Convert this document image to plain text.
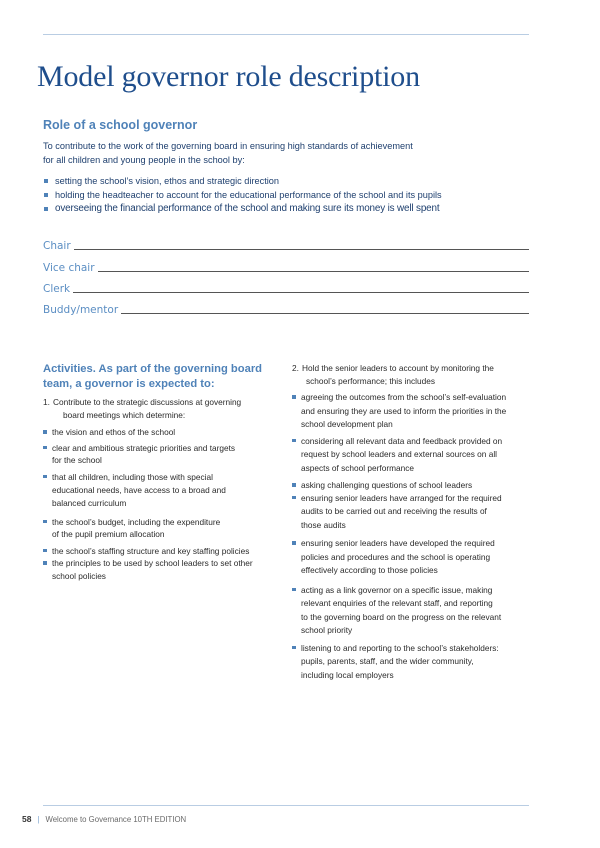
Model governor role description
Role of a school governor

To contribute to the work of the governing board in ensuring high standards of achievement

for all children and young people in the school by:

setting the school’s vision, ethos and strategic direction
holding the headteacher to account for the educational performance of the school and its pupils
overseeing the financial performance of the school and making sure its money is well spent
Chair
Vice chair
Clerk
Buddy/mentor
Activities. As part of the governing board
team, a governor is expected to:
1. Contribute to the strategic discussions at governing
board meetings which determine:
the vision and ethos of the school
clear and ambitious strategic priorities and targets
for the school
that all children, including those with special
educational needs, have access to a broad and
balanced curriculum
the school’s budget, including the expenditure
of the pupil premium allocation
the school’s staffing structure and key staffing policies
the principles to be used by school leaders to set other
school policies
2. Hold the senior leaders to account by monitoring the
school’s performance; this includes
agreeing the outcomes from the school’s self-evaluation
and ensuring they are used to inform the priorities in the
school development plan
considering all relevant data and feedback provided on
request by school leaders and external sources on all
aspects of school performance
asking challenging questions of school leaders
ensuring senior leaders have arranged for the required
audits to be carried out and receiving the results of
those audits
ensuring senior leaders have developed the required
policies and procedures and the school is operating
effectively according to those policies
acting as a link governor on a specific issue, making
relevant enquiries of the relevant staff, and reporting
to the governing board on the progress on the relevant
school priority
listening to and reporting to the school’s stakeholders:
pupils, parents, staff, and the wider community,
including local employers
58 | Welcome to Governance 10TH EDITION
